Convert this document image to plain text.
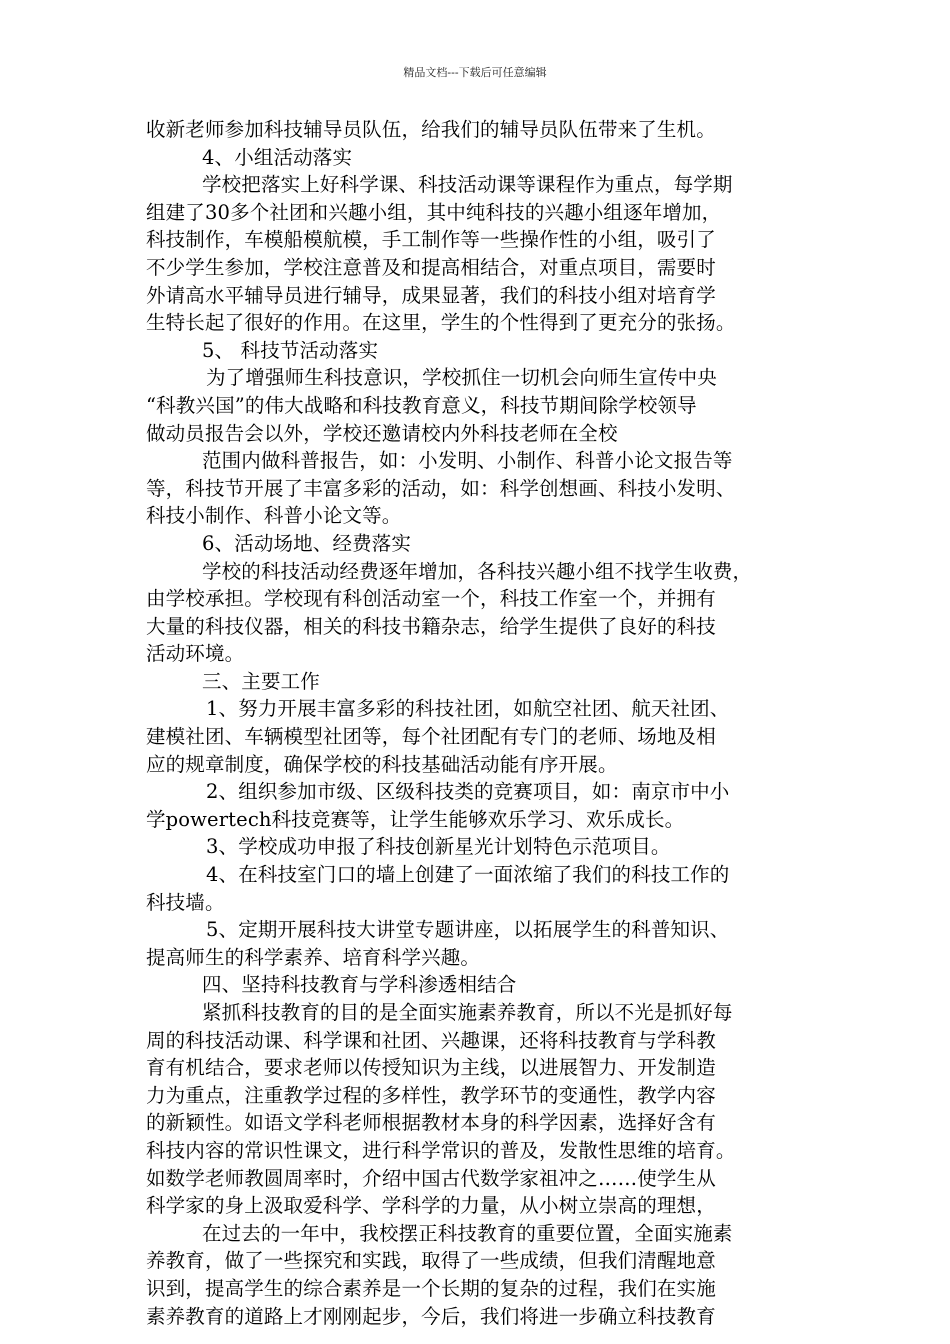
精品文档---下载后可任意编辑
收新老师参加科技辅导员队伍，给我们的辅导员队伍带来了生机。
4、小组活动落实
学校把落实上好科学课、科技活动课等课程作为重点，每学期
组建了30多个社团和兴趣小组，其中纯科技的兴趣小组逐年增加，
科技制作，车模船模航模，手工制作等一些操作性的小组，吸引了
不少学生参加，学校注意普及和提高相结合，对重点项目，需要时
外请高水平辅导员进行辅导，成果显著，我们的科技小组对培育学
生特长起了很好的作用。在这里，学生的个性得到了更充分的张扬。
5、 科技节活动落实
为了增强师生科技意识，学校抓住一切机会向师生宣传中央
“科教兴国”的伟大战略和科技教育意义，科技节期间除学校领导
做动员报告会以外，学校还邀请校内外科技老师在全校
范围内做科普报告，如：小发明、小制作、科普小论文报告等
等，科技节开展了丰富多彩的活动，如：科学创想画、科技小发明、
科技小制作、科普小论文等。
6、活动场地、经费落实
学校的科技活动经费逐年增加，各科技兴趣小组不找学生收费，
由学校承担。学校现有科创活动室一个，科技工作室一个，并拥有
大量的科技仪器，相关的科技书籍杂志，给学生提供了良好的科技
活动环境。
三、主要工作
1、努力开展丰富多彩的科技社团，如航空社团、航天社团、
建模社团、车辆模型社团等，每个社团配有专门的老师、场地及相
应的规章制度，确保学校的科技基础活动能有序开展。
2、组织参加市级、区级科技类的竞赛项目，如：南京市中小
学powertech科技竞赛等，让学生能够欢乐学习、欢乐成长。
3、学校成功申报了科技创新星光计划特色示范项目。
4、在科技室门口的墙上创建了一面浓缩了我们的科技工作的
科技墙。
5、定期开展科技大讲堂专题讲座，以拓展学生的科普知识、
提高师生的科学素养、培育科学兴趣。
四、坚持科技教育与学科渗透相结合
紧抓科技教育的目的是全面实施素养教育，所以不光是抓好每
周的科技活动课、科学课和社团、兴趣课，还将科技教育与学科教
育有机结合，要求老师以传授知识为主线，以进展智力、开发制造
力为重点，注重教学过程的多样性，教学环节的变通性，教学内容
的新颖性。如语文学科老师根据教材本身的科学因素，选择好含有
科技内容的常识性课文，进行科学常识的普及，发散性思维的培育。
如数学老师教圆周率时，介绍中国古代数学家祖冲之……使学生从
科学家的身上汲取爱科学、学科学的力量，从小树立崇高的理想，
在过去的一年中，我校摆正科技教育的重要位置，全面实施素
养教育，做了一些探究和实践，取得了一些成绩，但我们清醒地意
识到，提高学生的综合素养是一个长期的复杂的过程，我们在实施
素养教育的道路上才刚刚起步，今后，我们将进一步确立科技教育
